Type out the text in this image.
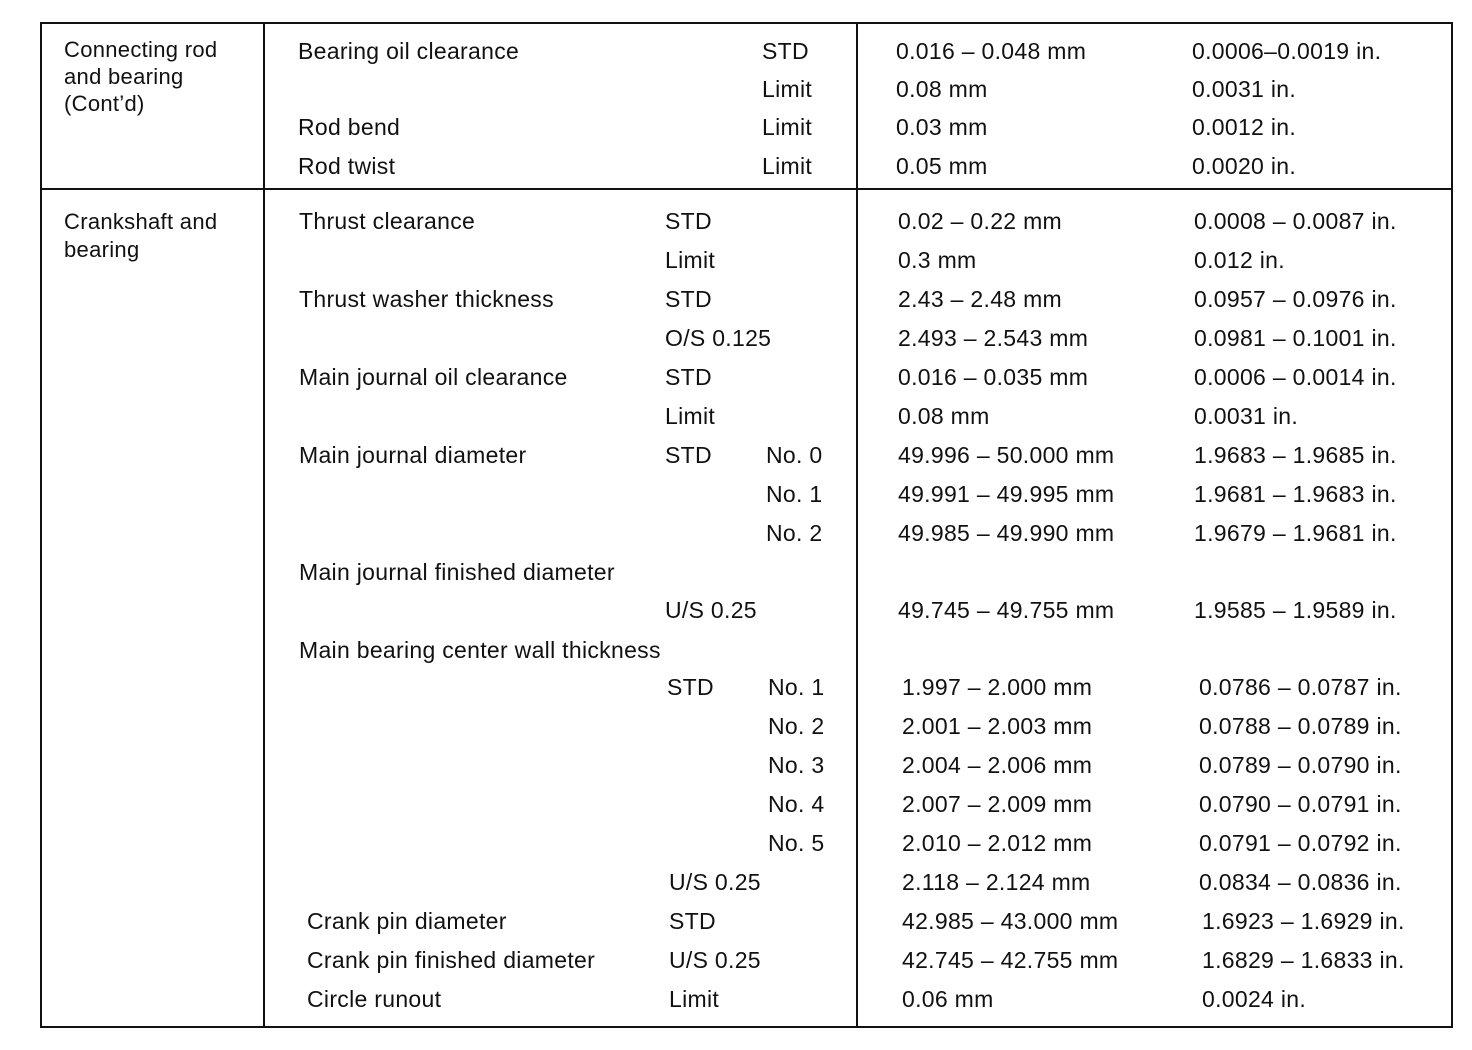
Connecting rod
and bearing
(Cont’d)
Bearing oil clearance	STD	0.016 – 0.048 mm	0.0006–0.0019 in.
Limit	0.08 mm	0.0031 in.
Rod bend	Limit	0.03 mm	0.0012 in.
Rod twist	Limit	0.05 mm	0.0020 in.
Crankshaft and
bearing
Thrust clearance	STD	0.02 – 0.22 mm	0.0008 – 0.0087 in.
Limit	0.3 mm	0.012 in.
Thrust washer thickness	STD	2.43 – 2.48 mm	0.0957 – 0.0976 in.
O/S 0.125	2.493 – 2.543 mm	0.0981 – 0.1001 in.
Main journal oil clearance	STD	0.016 – 0.035 mm	0.0006 – 0.0014 in.
Limit	0.08 mm	0.0031 in.
Main journal diameter	STD No. 0	49.996 – 50.000 mm	1.9683 – 1.9685 in.
No. 1	49.991 – 49.995 mm	1.9681 – 1.9683 in.
No. 2	49.985 – 49.990 mm	1.9679 – 1.9681 in.
Main journal finished diameter
U/S 0.25	49.745 – 49.755 mm	1.9585 – 1.9589 in.
Main bearing center wall thickness
STD No. 1	1.997 – 2.000 mm	0.0786 – 0.0787 in.
No. 2	2.001 – 2.003 mm	0.0788 – 0.0789 in.
No. 3	2.004 – 2.006 mm	0.0789 – 0.0790 in.
No. 4	2.007 – 2.009 mm	0.0790 – 0.0791 in.
No. 5	2.010 – 2.012 mm	0.0791 – 0.0792 in.
U/S 0.25	2.118 – 2.124 mm	0.0834 – 0.0836 in.
Crank pin diameter	STD	42.985 – 43.000 mm	1.6923 – 1.6929 in.
Crank pin finished diameter	U/S 0.25	42.745 – 42.755 mm	1.6829 – 1.6833 in.
Circle runout	Limit	0.06 mm	0.0024 in.
